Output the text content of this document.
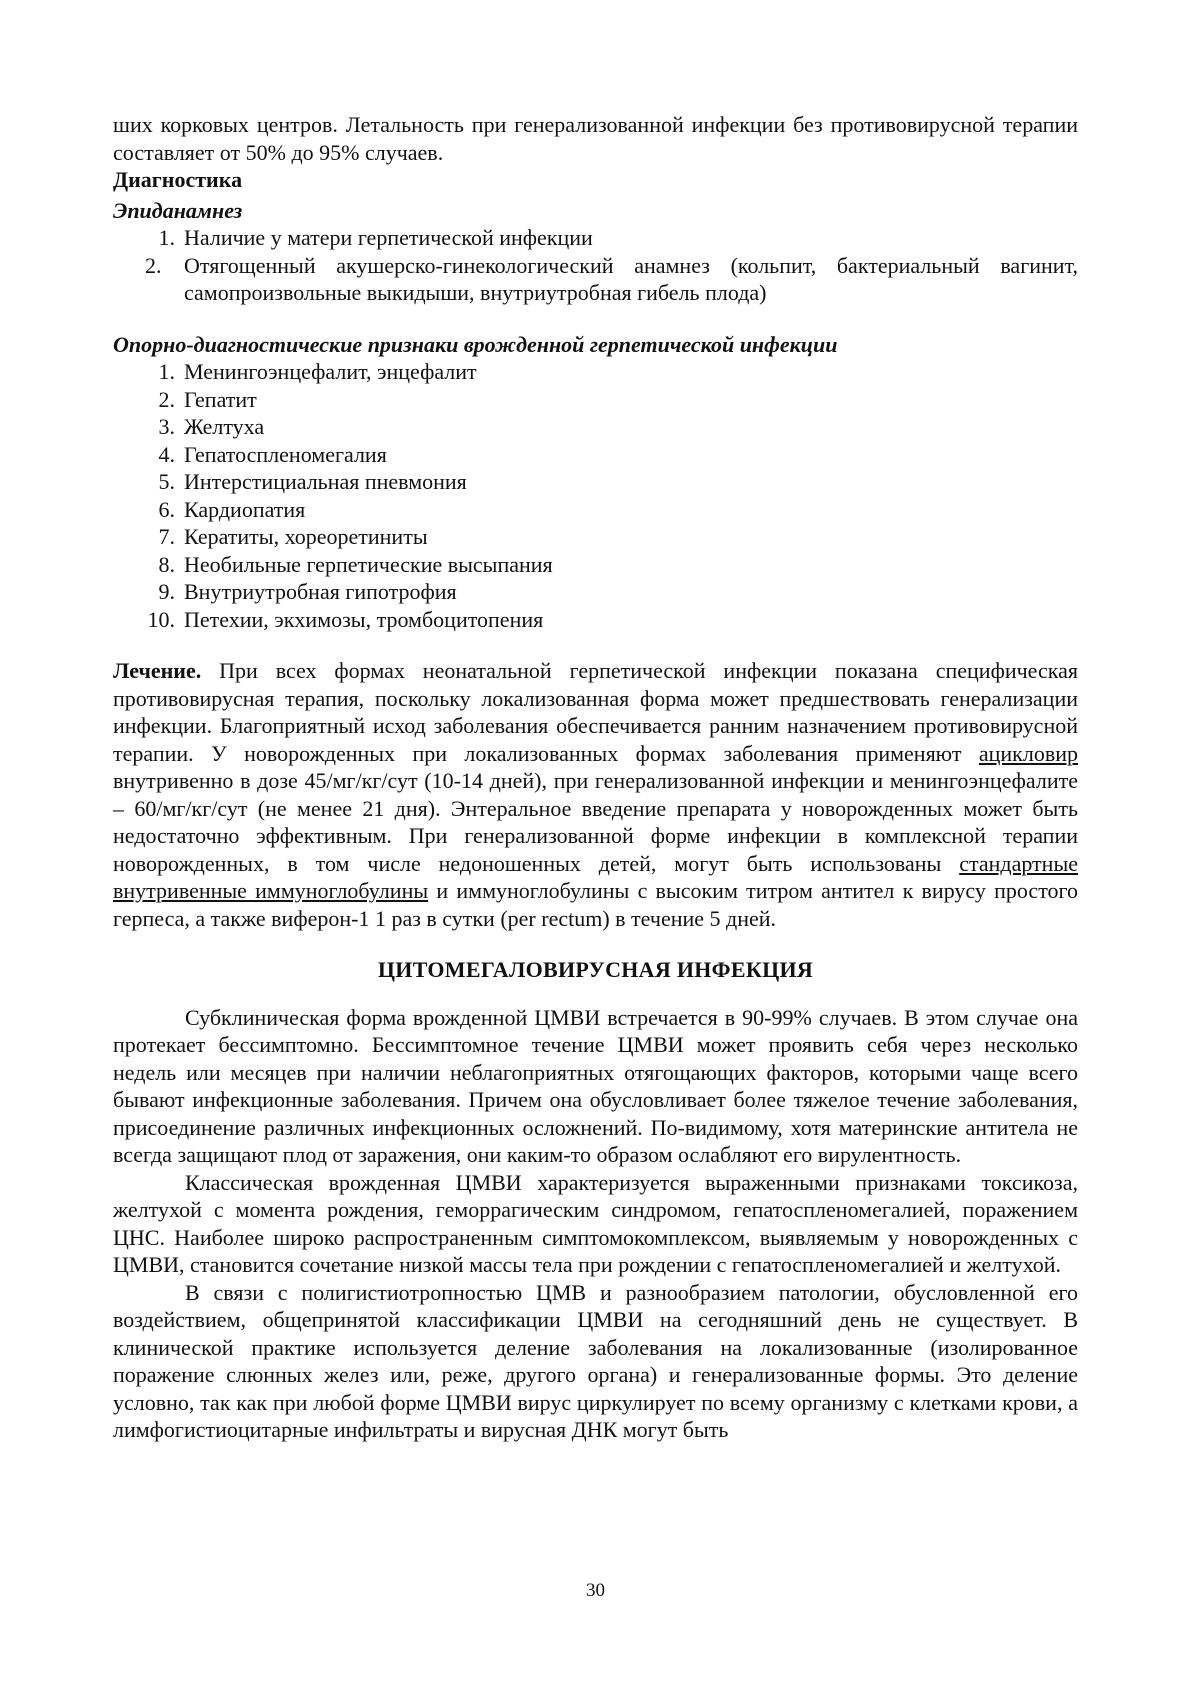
ших корковых центров. Летальность при генерализованной инфекции без противовирусной терапии составляет от 50% до 95% случаев.

Диагностика

Эпиданамнез

1. Наличие у матери герпетической инфекции
2.	Отягощенный акушерско-гинекологический анамнез (кольпит, бактериальный вагинит, самопроизвольные выкидыши, внутриутробная гибель плода)

Опорно-диагностические признаки врожденной герпетической инфекции

1. Менингоэнцефалит, энцефалит
2. Гепатит
3. Желтуха
4. Гепатоспленомегалия
5. Интерстициальная пневмония
6. Кардиопатия
7. Кератиты, хореоретиниты
8. Необильные герпетические высыпания
9. Внутриутробная гипотрофия
10. Петехии, экхимозы, тромбоцитопения

Лечение. При всех формах неонатальной герпетической инфекции показана специфическая противовирусная терапия, поскольку локализованная форма может предшествовать генерализации инфекции. Благоприятный исход заболевания обеспечивается ранним назначением противовирусной терапии. У новорожденных при локализованных формах заболевания применяют ацикловир внутривенно в дозе 45/мг/кг/сут (10-14 дней), при генерализованной инфекции и менингоэнцефалите – 60/мг/кг/сут (не менее 21 дня). Энтеральное введение препарата у новорожденных может быть недостаточно эффективным. При генерализованной форме инфекции в комплексной терапии новорожденных, в том числе недоношенных детей, могут быть использованы стандартные внутривенные иммуноглобулины и иммуноглобулины с высоким титром антител к вирусу простого герпеса, а также виферон-1 1 раз в сутки (per rectum) в течение 5 дней.

ЦИТОМЕГАЛОВИРУСНАЯ ИНФЕКЦИЯ

Субклиническая форма врожденной ЦМВИ встречается в 90-99% случаев. В этом случае она протекает бессимптомно. Бессимптомное течение ЦМВИ может проявить себя через несколько недель или месяцев при наличии неблагоприятных отягощающих факторов, которыми чаще всего бывают инфекционные заболевания. Причем она обусловливает более тяжелое течение заболевания, присоединение различных инфекционных осложнений. По-видимому, хотя материнские антитела не всегда защищают плод от заражения, они каким-то образом ослабляют его вирулентность.

Классическая врожденная ЦМВИ характеризуется выраженными признаками токсикоза, желтухой с момента рождения, геморрагическим синдромом, гепатоспленомегалией, поражением ЦНС. Наиболее широко распространенным симптомокомплексом, выявляемым у новорожденных с ЦМВИ, становится сочетание низкой массы тела при рождении с гепатоспленомегалией и желтухой.

В связи с полигистиотропностью ЦМВ и разнообразием патологии, обусловленной его воздействием, общепринятой классификации ЦМВИ на сегодняшний день не существует. В клинической практике используется деление заболевания на локализованные (изолированное поражение слюнных желез или, реже, другого органа) и генерализованные формы. Это деление условно, так как при любой форме ЦМВИ вирус циркулирует по всему организму с клетками крови, а лимфогистиоцитарные инфильтраты и вирусная ДНК могут быть

30
